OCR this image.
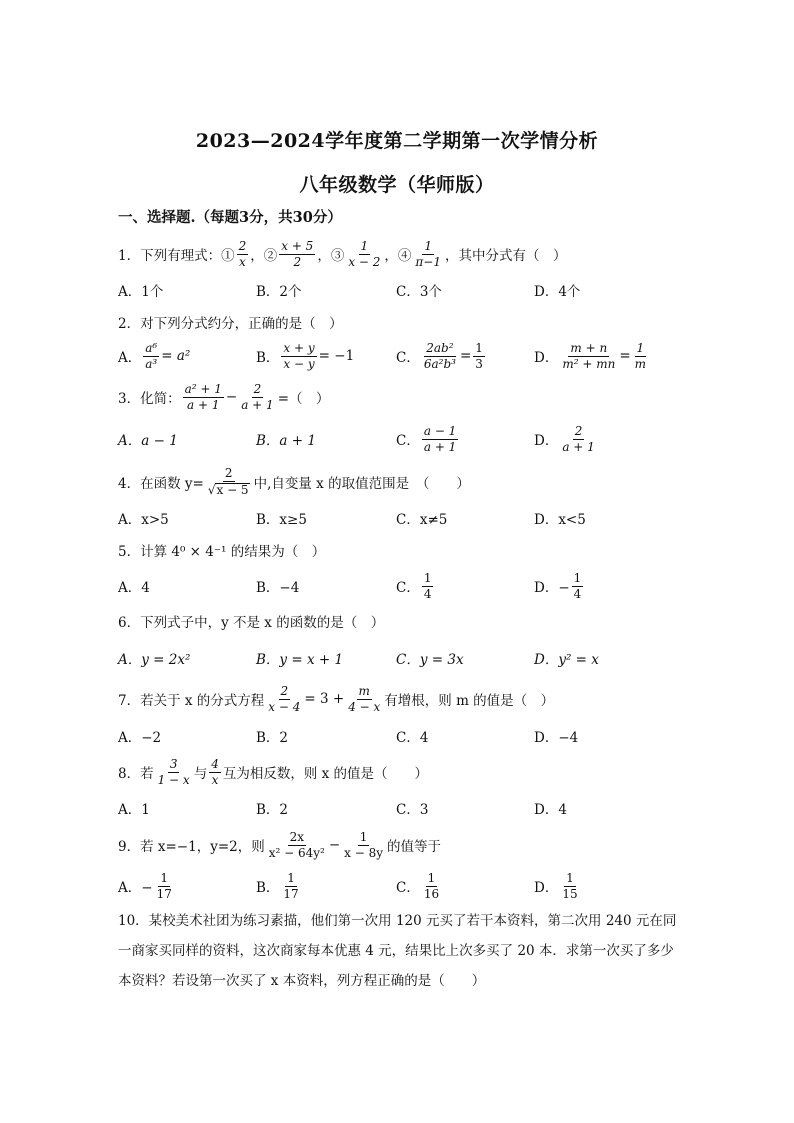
2023—2024学年度第二学期第一次学情分析
八年级数学（华师版）
一、选择题.（每题3分，共30分）
1．下列有理式：① $\frac{2}{x}$ ，② $\frac{x + 5}{2}$ ，③ $\frac{1}{x - 2}$ ，④ $\frac{1}{\pi-1}$ ，其中分式有（　）
A．1个	B．2个	C．3个	D．4个
2．对下列分式约分，正确的是（　）
A． $\frac{\text{a⁶}}{\text{a³}} = a^2$	B． $\frac{x + y}{x - y} = -1$	C． $\frac{\text{2ab²}}{\text{6a²b³}} = \frac{1}{3}$	D． $\frac{m + n}{\text{m² + mn}} = \frac{1}{m}$
3．化简： $\frac{\text{a² + 1}}{a + 1} - \frac{2}{a + 1}$ =（　）
A．a − 1	B．a + 1	C． $\frac{a - 1}{a + 1}$	D． $\frac{2}{a + 1}$
4．在函数 $y= \frac{2}{√ x - 5}$ 中,自变量 x 的取值范围是　（　　）
A．x>5	B．x≥5	C．x≠5	D．x<5
5．计算 4⁰ × 4⁻¹ 的结果为（　）
A．4	B．−4	C． $\frac{1}{4}$	D．− $\frac{1}{4}$
6．下列式子中，y 不是 x 的函数的是（　）
A．y = 2x²	B．y = x + 1	C．y = 3x	D．y² = x
7．若关于 x 的分式方程 $\frac{2}{x - 4} = 3 + \frac{m}{4 - x}$ 有增根，则 m 的值是（　）
A．−2	B．2	C．4	D．−4
8．若 $\frac{3}{1 - x}$ 与 $\frac{4}{x}$ 互为相反数，则 x 的值是（　　）
A．1	B．2	C．3	D．4
9．若 x=−1，y=2，则 $\frac{2x}{\text{x² − 64y²}} - \frac{1}{x - 8y}$ 的值等于
A．− $\frac{1}{17}$	B． $\frac{1}{17}$	C． $\frac{1}{16}$	D． $\frac{1}{15}$
10．某校美术社团为练习素描，他们第一次用 120 元买了若干本资料，第二次用 240 元在同一商家买同样的资料，这次商家每本优惠 4 元，结果比上次多买了 20 本．求第一次买了多少本资料？若设第一次买了 x 本资料，列方程正确的是（　　）
